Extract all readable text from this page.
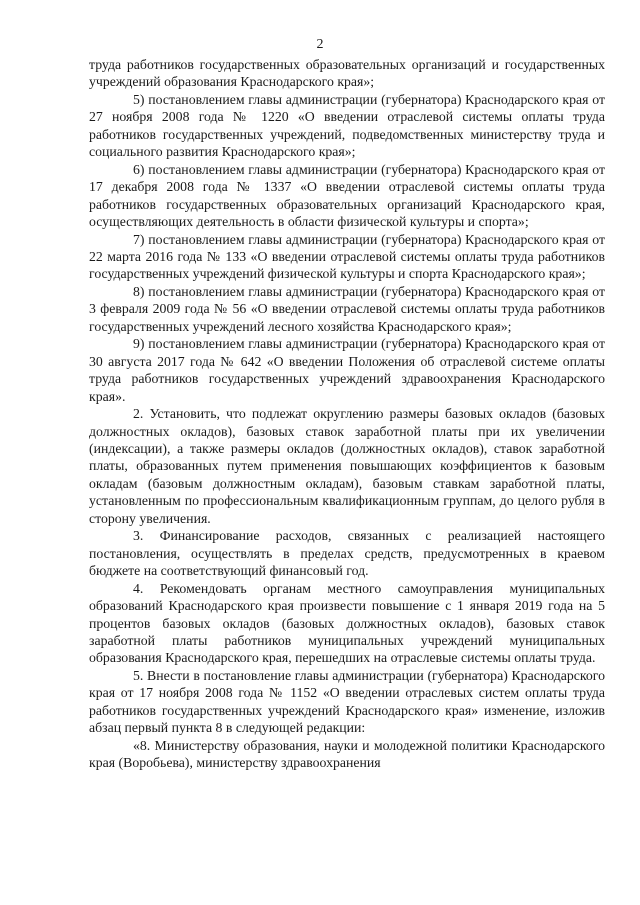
2

труда работников государственных образовательных организаций и государственных учреждений образования Краснодарского края»;

5) постановлением главы администрации (губернатора) Краснодарского края от 27 ноября 2008 года № 1220 «О введении отраслевой системы оплаты труда работников государственных учреждений, подведомственных министерству труда и социального развития Краснодарского края»;

6) постановлением главы администрации (губернатора) Краснодарского края от 17 декабря 2008 года № 1337 «О введении отраслевой системы оплаты труда работников государственных образовательных организаций Краснодарского края, осуществляющих деятельность в области физической культуры и спорта»;

7) постановлением главы администрации (губернатора) Краснодарского края от 22 марта 2016 года № 133 «О введении отраслевой системы оплаты труда работников государственных учреждений физической культуры и спорта Краснодарского края»;

8) постановлением главы администрации (губернатора) Краснодарского края от 3 февраля 2009 года № 56 «О введении отраслевой системы оплаты труда работников государственных учреждений лесного хозяйства Краснодарского края»;

9) постановлением главы администрации (губернатора) Краснодарского края от 30 августа 2017 года № 642 «О введении Положения об отраслевой системе оплаты труда работников государственных учреждений здравоохранения Краснодарского края».

2. Установить, что подлежат округлению размеры базовых окладов (базовых должностных окладов), базовых ставок заработной платы при их увеличении (индексации), а также размеры окладов (должностных окладов), ставок заработной платы, образованных путем применения повышающих коэффициентов к базовым окладам (базовым должностным окладам), базовым ставкам заработной платы, установленным по профессиональным квалификационным группам, до целого рубля в сторону увеличения.

3. Финансирование расходов, связанных с реализацией настоящего постановления, осуществлять в пределах средств, предусмотренных в краевом бюджете на соответствующий финансовый год.

4. Рекомендовать органам местного самоуправления муниципальных образований Краснодарского края произвести повышение с 1 января 2019 года на 5 процентов базовых окладов (базовых должностных окладов), базовых ставок заработной платы работников муниципальных учреждений муниципальных образования Краснодарского края, перешедших на отраслевые системы оплаты труда.

5. Внести в постановление главы администрации (губернатора) Краснодарского края от 17 ноября 2008 года № 1152 «О введении отраслевых систем оплаты труда работников государственных учреждений Краснодарского края» изменение, изложив абзац первый пункта 8 в следующей редакции:

«8. Министерству образования, науки и молодежной политики Краснодарского края (Воробьева), министерству здравоохранения
